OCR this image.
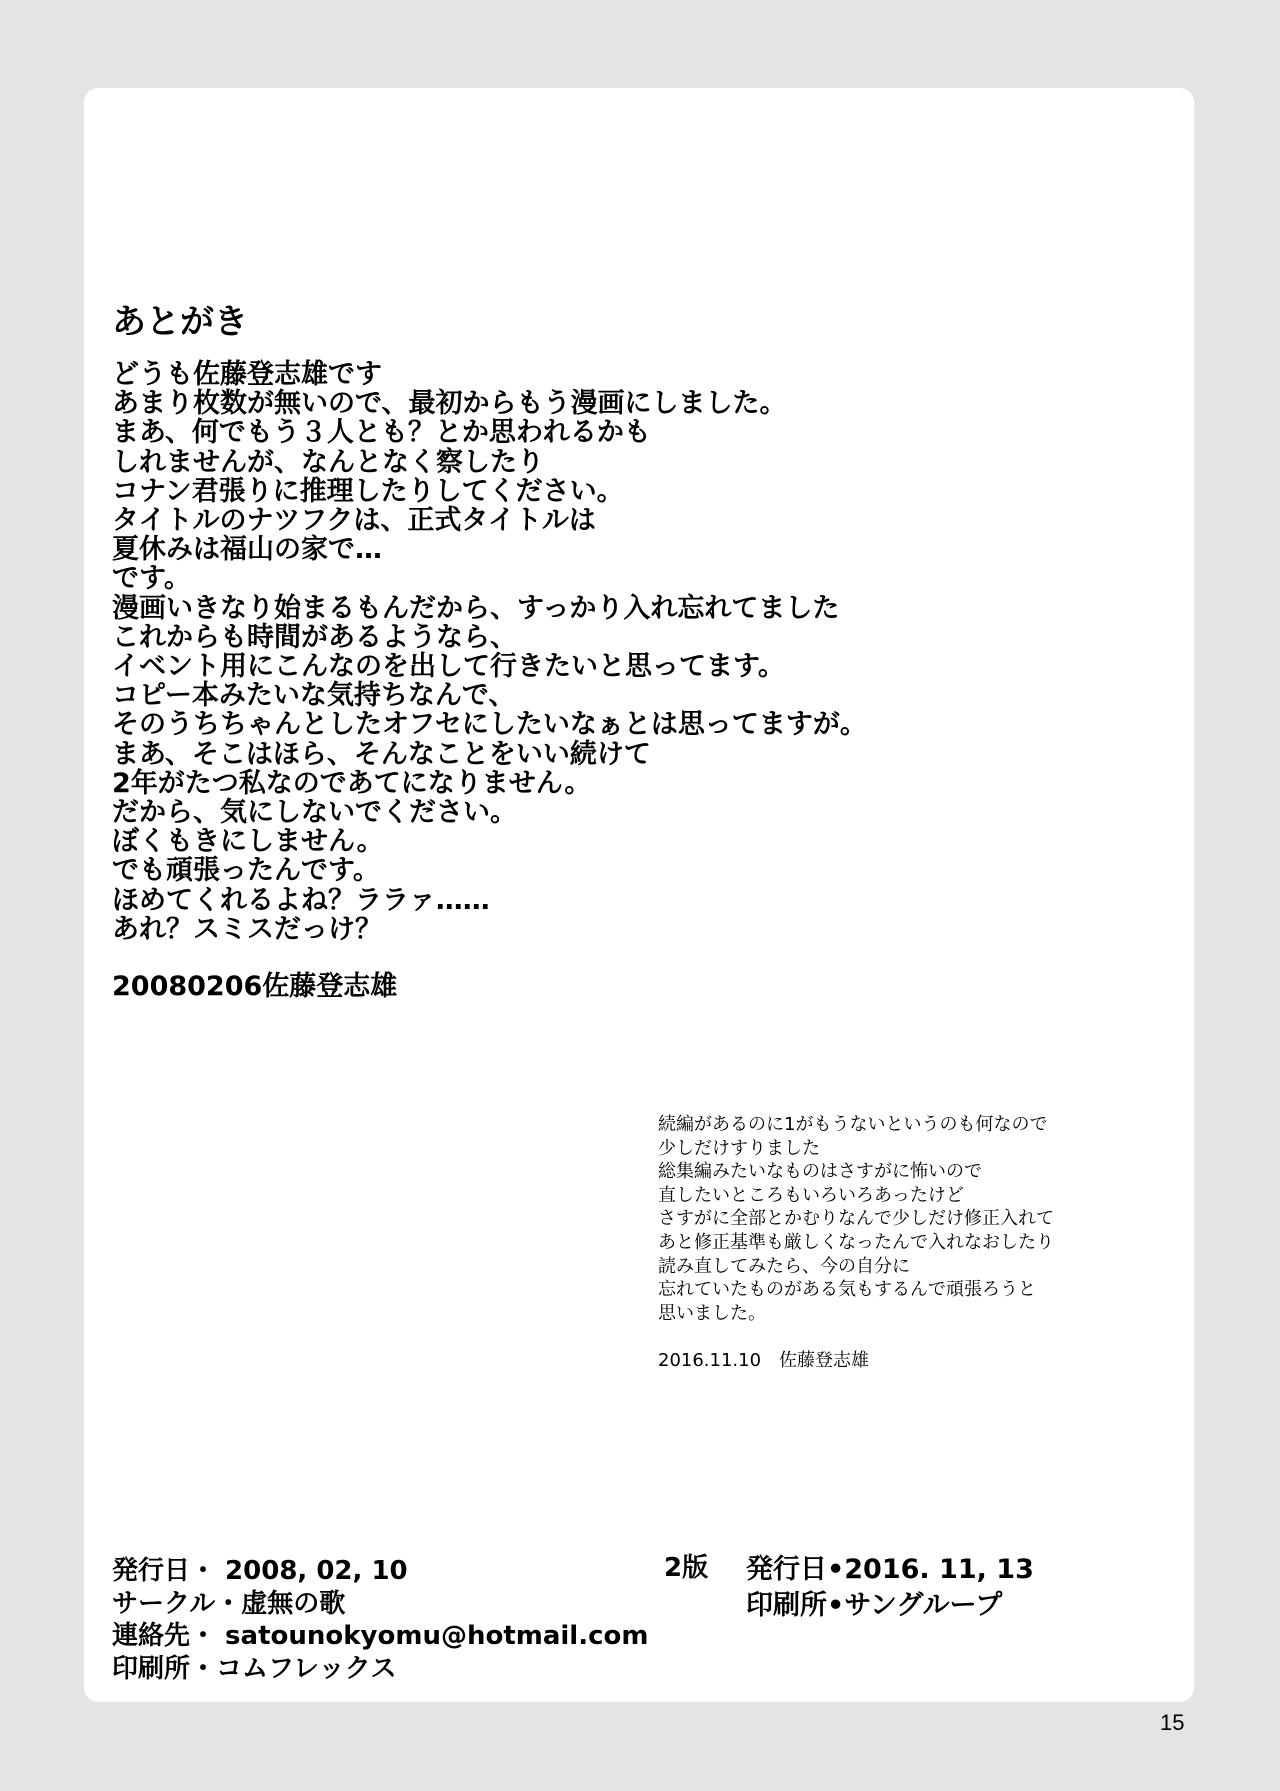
あとがき
どうも佐藤登志雄です
あまり枚数が無いので、最初からもう漫画にしました。
まあ、何でもう３人とも？とか思われるかも
しれませんが、なんとなく察したり
コナン君張りに推理したりしてください。
タイトルのナツフクは、正式タイトルは
夏休みは福山の家で…
です。
漫画いきなり始まるもんだから、すっかり入れ忘れてました
これからも時間があるようなら、
イベント用にこんなのを出して行きたいと思ってます。
コピー本みたいな気持ちなんで、
そのうちちゃんとしたオフセにしたいなぁとは思ってますが。
まあ、そこはほら、そんなことをいい続けて
2年がたつ私なのであてになりません。
だから、気にしないでください。
ぼくもきにしません。
でも頑張ったんです。
ほめてくれるよね？ララァ……
あれ？スミスだっけ？
20080206佐藤登志雄
続編があるのに1がもうないというのも何なので
少しだけすりました
総集編みたいなものはさすがに怖いので
直したいところもいろいろあったけど
さすがに全部とかむりなんで少しだけ修正入れて
あと修正基準も厳しくなったんで入れなおしたり
読み直してみたら、今の自分に
忘れていたものがある気もするんで頑張ろうと
思いました。
2016.11.10　佐藤登志雄
発行日・ 2008, 02, 10
サークル・虚無の歌
連絡先・ satounokyomu@hotmail.com
印刷所・コムフレックス
2版 発行日•2016. 11, 13
印刷所•サングループ
15
